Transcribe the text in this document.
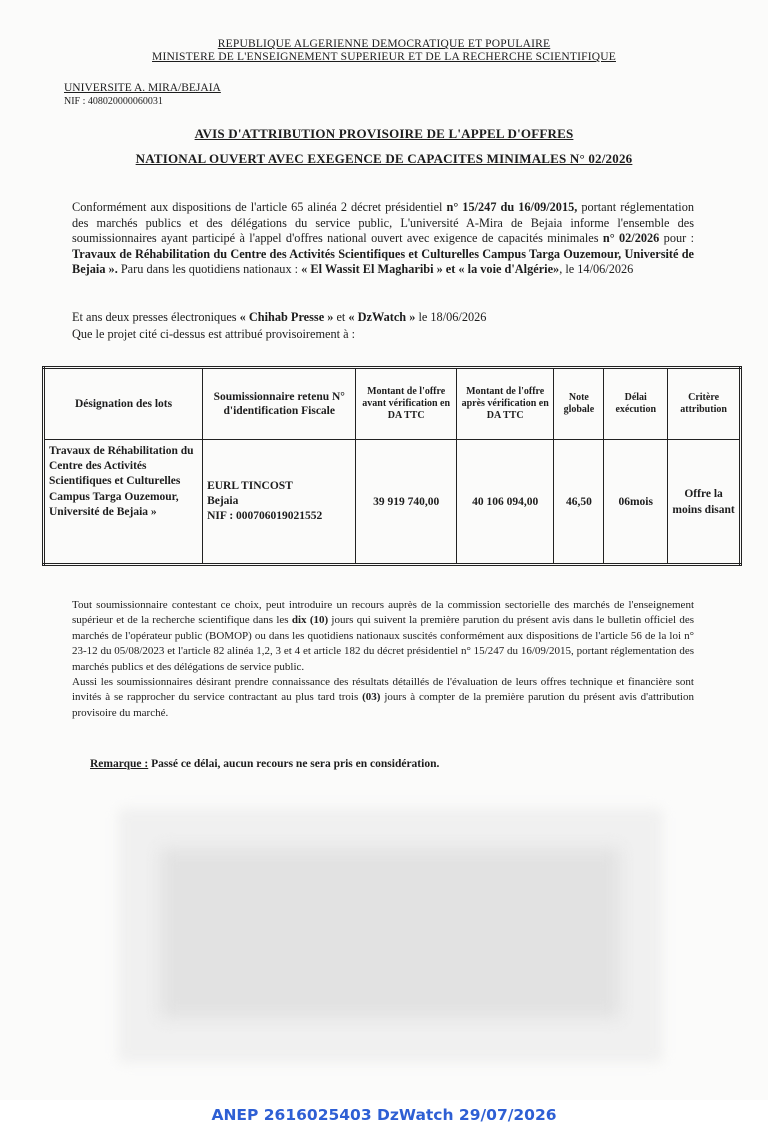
REPUBLIQUE ALGERIENNE DEMOCRATIQUE ET POPULAIRE
MINISTERE DE L'ENSEIGNEMENT SUPERIEUR ET DE LA RECHERCHE SCIENTIFIQUE
UNIVERSITE A. MIRA/BEJAIA
NIF : 408020000060031
AVIS D'ATTRIBUTION PROVISOIRE DE L'APPEL D'OFFRES
NATIONAL OUVERT AVEC EXEGENCE DE CAPACITES MINIMALES N° 02/2026
Conformément aux dispositions de l'article 65 alinéa 2 décret présidentiel n° 15/247 du 16/09/2015, portant réglementation des marchés publics et des délégations du service public, L'université A-Mira de Bejaia informe l'ensemble des soumissionnaires ayant participé à l'appel d'offres national ouvert avec exigence de capacités minimales n° 02/2026 pour : Travaux de Réhabilitation du Centre des Activités Scientifiques et Culturelles Campus Targa Ouzemour, Université de Bejaia ». Paru dans les quotidiens nationaux : « El Wassit El Magharibi » et « la voie d'Algérie», le 14/06/2026
Et ans deux presses électroniques « Chihab Presse » et « DzWatch » le 18/06/2026
Que le projet cité ci-dessus est attribué provisoirement à :
Désignation des lots	Soumissionnaire retenu N° d'identification Fiscale	Montant de l'offre avant vérification en DA TTC	Montant de l'offre après vérification en DA TTC	Note globale	Délai exécution	Critère attribution
Travaux de Réhabilitation du Centre des Activités Scientifiques et Culturelles Campus Targa Ouzemour, Université de Bejaia »	EURL TINCOST
Bejaia
NIF : 000706019021552	39 919 740,00	40 106 094,00	46,50	06mois	Offre la moins disant
Tout soumissionnaire contestant ce choix, peut introduire un recours auprès de la commission sectorielle des marchés de l'enseignement supérieur et de la recherche scientifique dans les dix (10) jours qui suivent la première parution du présent avis dans le bulletin officiel des marchés de l'opérateur public (BOMOP) ou dans les quotidiens nationaux suscités conformément aux dispositions de l'article 56 de la loi n° 23-12 du 05/08/2023 et l'article 82 alinéa 1,2, 3 et 4 et article 182 du décret présidentiel n° 15/247 du 16/09/2015, portant réglementation des marchés publics et des délégations de service public.
Aussi les soumissionnaires désirant prendre connaissance des résultats détaillés de l'évaluation de leurs offres technique et financière sont invités à se rapprocher du service contractant au plus tard trois (03) jours à compter de la première parution du présent avis d'attribution provisoire du marché.
Remarque : Passé ce délai, aucun recours ne sera pris en considération.
ANEP 2616025403 DzWatch 29/07/2026
